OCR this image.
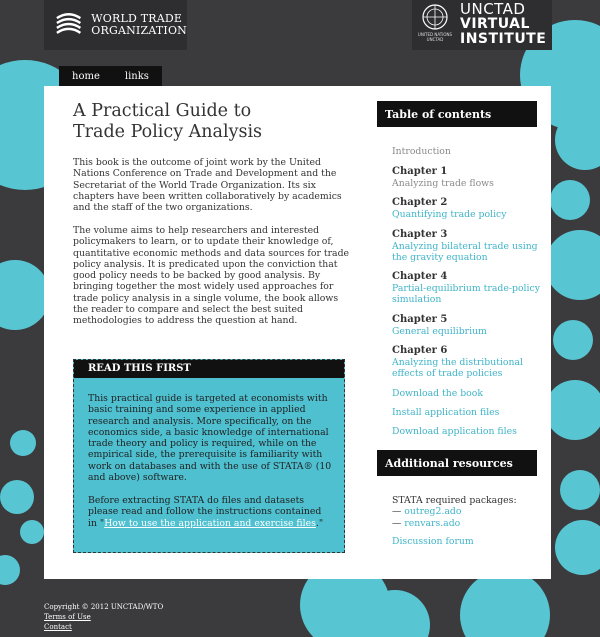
WORLD TRADE
ORGANIZATION	UNITED NATIONS
UNCTAD
UNCTAD
VIRTUAL
INSTITUTE
home	links
A Practical Guide to
Trade Policy Analysis

This book is the outcome of joint work by the United Nations Conference on Trade and Development and the Secretariat of the World Trade Organization. Its six chapters have been written collaboratively by academics and the staff of the two organizations.

The volume aims to help researchers and interested policymakers to learn, or to update their knowledge of, quantitative economic methods and data sources for trade policy analysis. It is predicated upon the conviction that good policy needs to be backed by good analysis. By bringing together the most widely used approaches for trade policy analysis in a single volume, the book allows the reader to compare and select the best suited methodologies to address the question at hand.

READ THIS FIRST

This practical guide is targeted at economists with basic training and some experience in applied research and analysis. More specifically, on the economics side, a basic knowledge of international trade theory and policy is required, while on the empirical side, the prerequisite is familiarity with work on databases and with the use of STATA® (10 and above) software.

Before extracting STATA do files and datasets please read and follow the instructions contained in "How to use the application and exercise files."

Table of contents
Introduction
Chapter 1
Analyzing trade flows
Chapter 2
Quantifying trade policy
Chapter 3
Analyzing bilateral trade using the gravity equation
Chapter 4
Partial-equilibrium trade-policy simulation
Chapter 5
General equilibrium
Chapter 6
Analyzing the distributional effects of trade policies
Download the book
Install application files
Download application files
Additional resources
STATA required packages:
— outreg2.ado
— renvars.ado
Discussion forum
Copyright © 2012 UNCTAD/WTO
Terms of Use
Contact
